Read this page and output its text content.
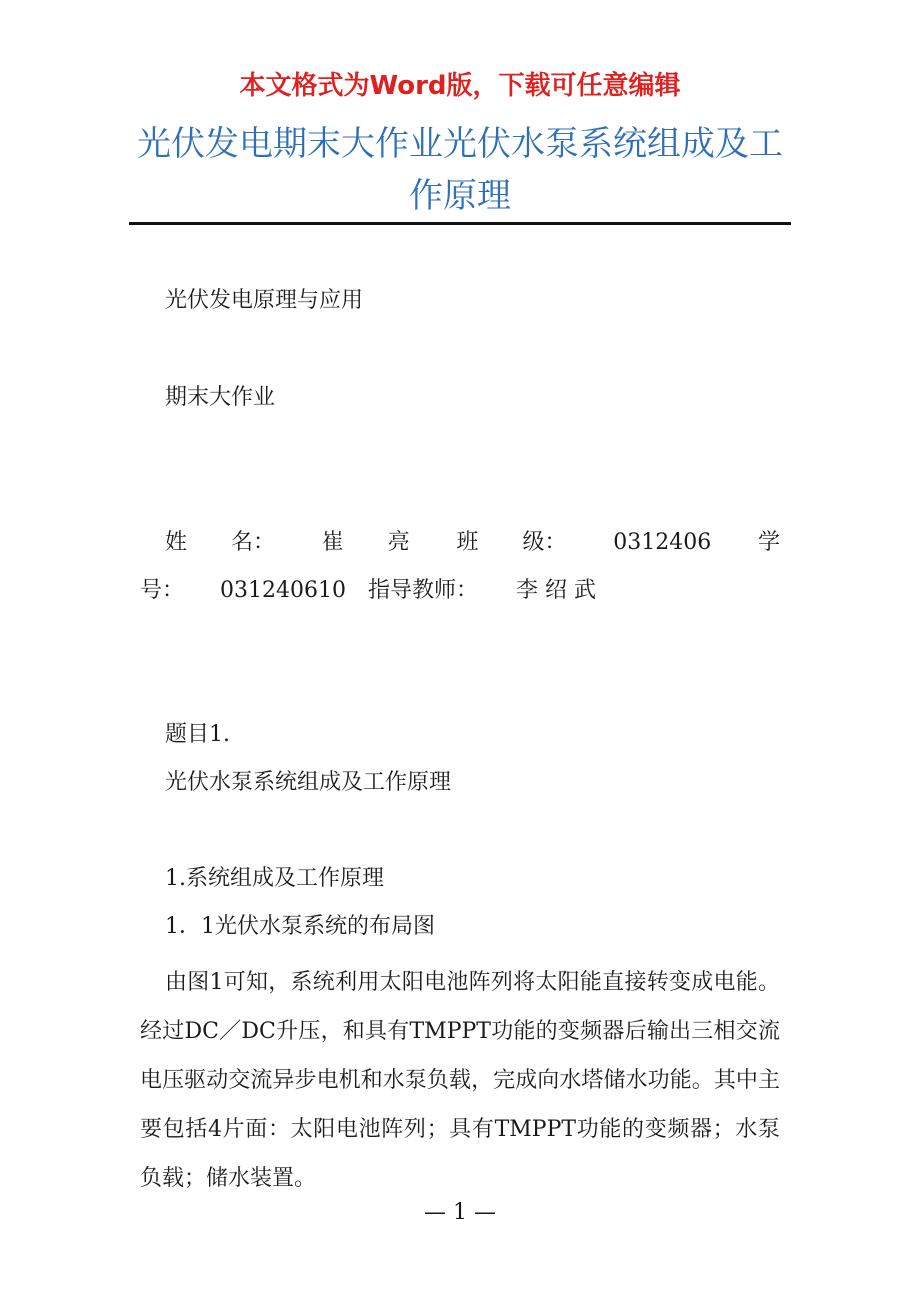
本文格式为Word版，下载可任意编辑
光伏发电期末大作业光伏水泵系统组成及工作原理
光伏发电原理与应用
期末大作业
姓　　名： 崔　　亮 班　　级： 0312406 学
号： 031240610 指导教师： 李 绍 武
题目1.
光伏水泵系统组成及工作原理
1.系统组成及工作原理
1．1光伏水泵系统的布局图
由图1可知，系统利用太阳电池阵列将太阳能直接转变成电能。经过DC／DC升压，和具有TMPPT功能的变频器后输出三相交流电压驱动交流异步电机和水泵负载，完成向水塔储水功能。其中主要包括4片面：太阳电池阵列；具有TMPPT功能的变频器；水泵负载；储水装置。
— 1 —
